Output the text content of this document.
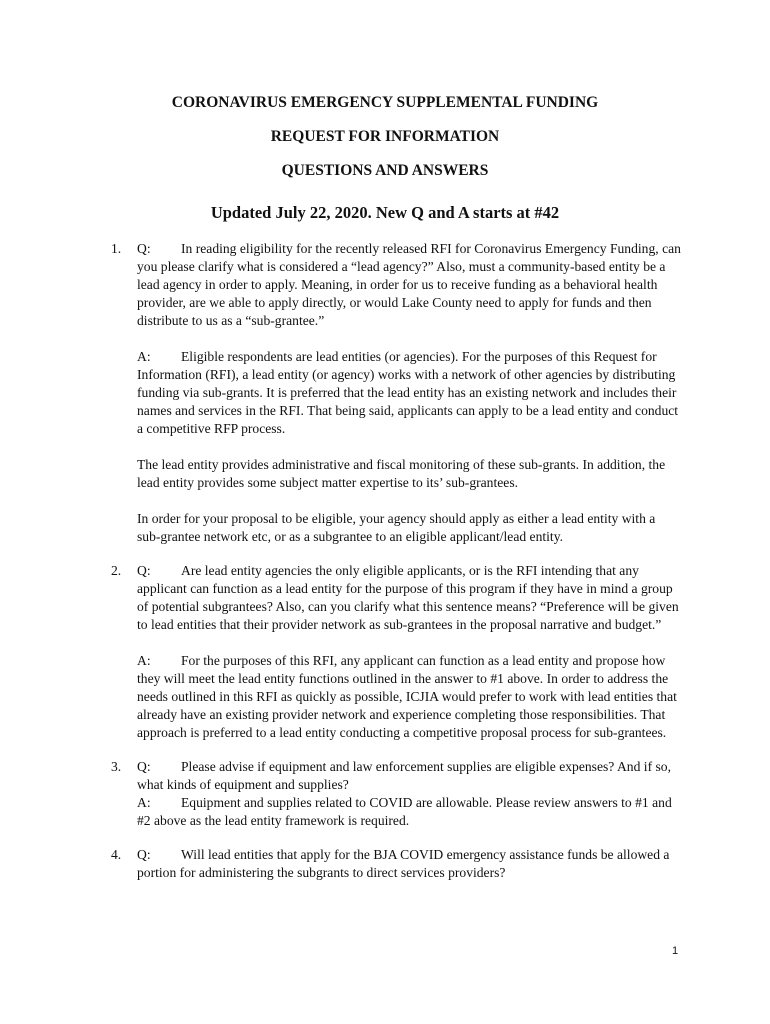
CORONAVIRUS EMERGENCY SUPPLEMENTAL FUNDING
REQUEST FOR INFORMATION
QUESTIONS AND ANSWERS
Updated July 22, 2020. New Q and A starts at #42
1. Q: In reading eligibility for the recently released RFI for Coronavirus Emergency Funding, can you please clarify what is considered a “lead agency?” Also, must a community-based entity be a lead agency in order to apply. Meaning, in order for us to receive funding as a behavioral health provider, are we able to apply directly, or would Lake County need to apply for funds and then distribute to us as a “sub-grantee.”

A: Eligible respondents are lead entities (or agencies). For the purposes of this Request for Information (RFI), a lead entity (or agency) works with a network of other agencies by distributing funding via sub-grants. It is preferred that the lead entity has an existing network and includes their names and services in the RFI. That being said, applicants can apply to be a lead entity and conduct a competitive RFP process.

The lead entity provides administrative and fiscal monitoring of these sub-grants. In addition, the lead entity provides some subject matter expertise to its’ sub-grantees.

In order for your proposal to be eligible, your agency should apply as either a lead entity with a sub-grantee network etc, or as a subgrantee to an eligible applicant/lead entity.

2. Q: Are lead entity agencies the only eligible applicants, or is the RFI intending that any applicant can function as a lead entity for the purpose of this program if they have in mind a group of potential subgrantees? Also, can you clarify what this sentence means? “Preference will be given to lead entities that their provider network as sub-grantees in the proposal narrative and budget.”

A: For the purposes of this RFI, any applicant can function as a lead entity and propose how they will meet the lead entity functions outlined in the answer to #1 above. In order to address the needs outlined in this RFI as quickly as possible, ICJIA would prefer to work with lead entities that already have an existing provider network and experience completing those responsibilities. That approach is preferred to a lead entity conducting a competitive proposal process for sub-grantees.

3. Q: Please advise if equipment and law enforcement supplies are eligible expenses? And if so, what kinds of equipment and supplies?

A: Equipment and supplies related to COVID are allowable. Please review answers to #1 and #2 above as the lead entity framework is required.

4. Q: Will lead entities that apply for the BJA COVID emergency assistance funds be allowed a portion for administering the subgrants to direct services providers?

1
